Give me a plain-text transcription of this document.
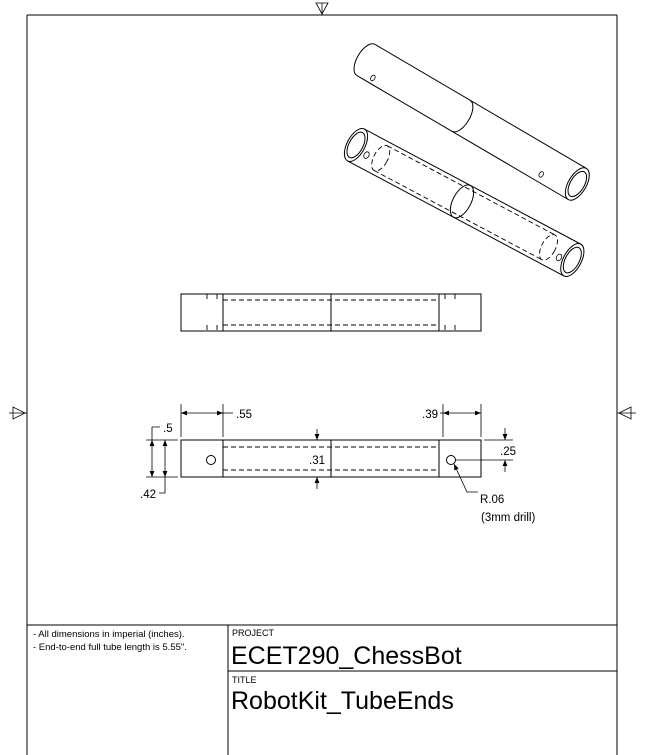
.55	.39
.5
.42
.31
.25
R.06
(3mm drill)
- All dimensions in imperial (inches).
- End-to-end full tube length is 5.55".
PROJECT
ECET290_ChessBot
TITLE
RobotKit_TubeEnds
